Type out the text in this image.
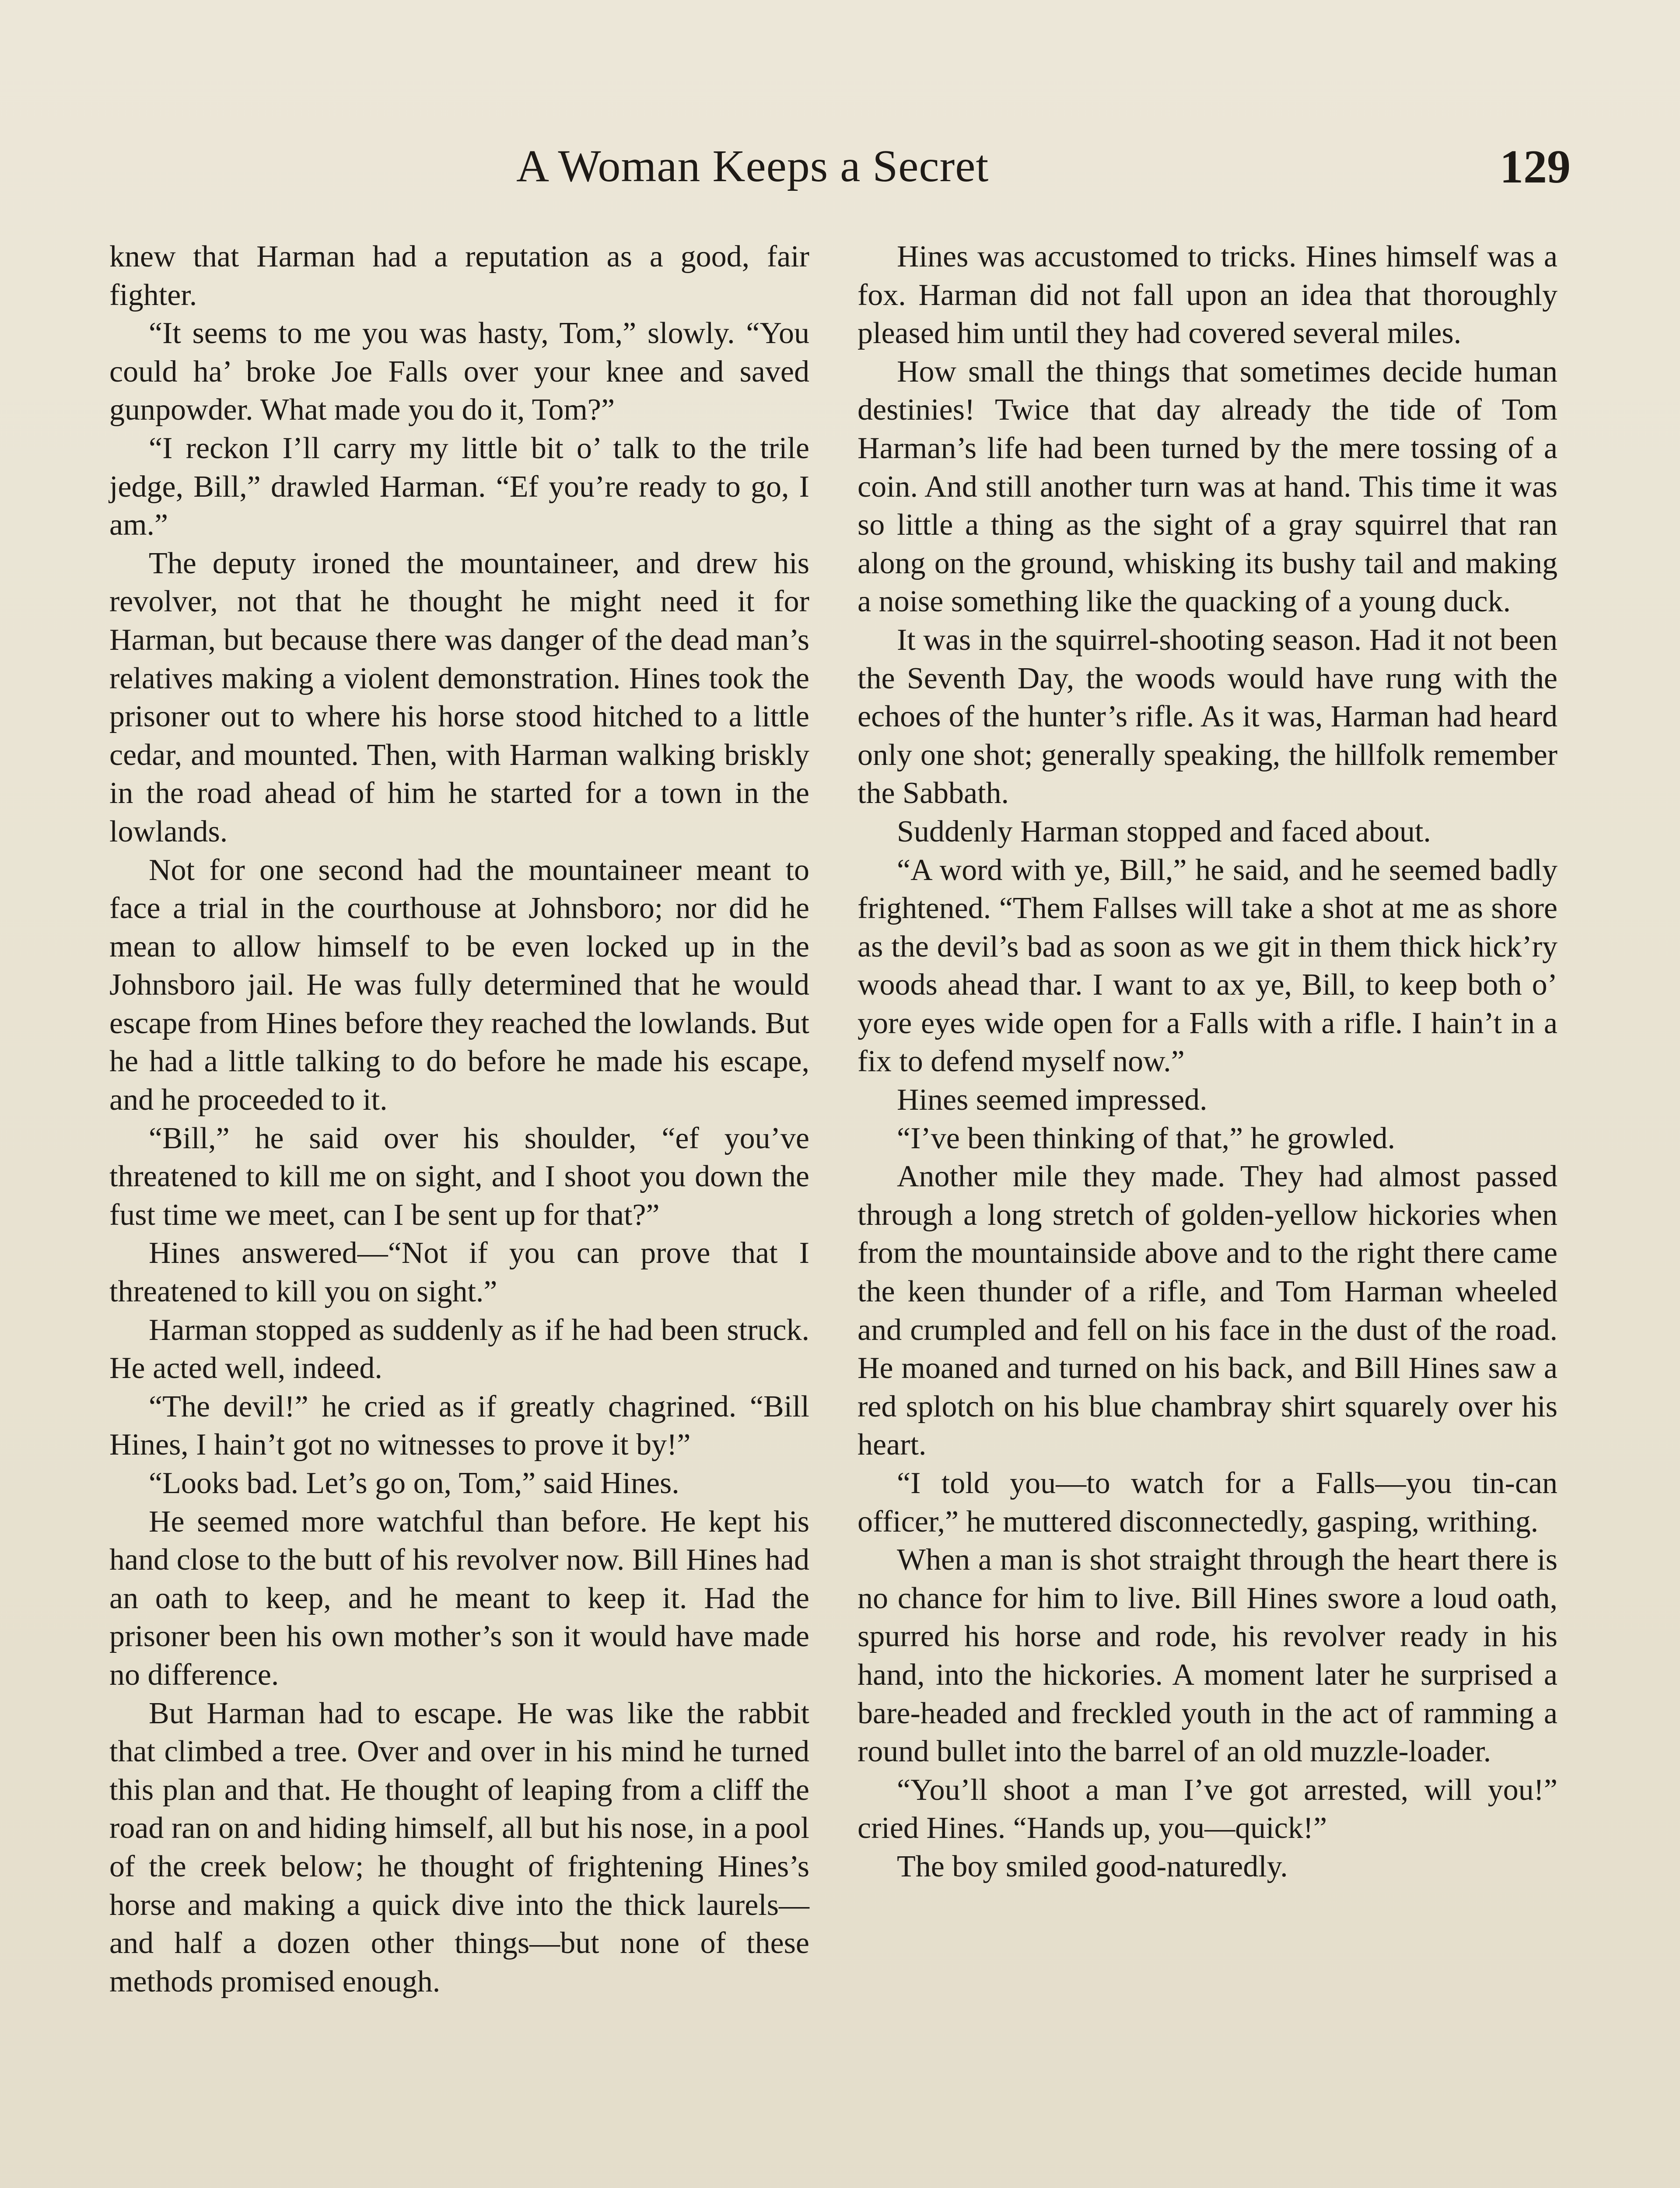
A Woman Keeps a Secret	129

knew that Harman had a reputation as a good, fair fighter.

“It seems to me you was hasty, Tom,” slowly. “You could ha’ broke Joe Falls over your knee and saved gunpowder. What made you do it, Tom?”

“I reckon I’ll carry my little bit o’ talk to the trile jedge, Bill,” drawled Harman. “Ef you’re ready to go, I am.”

The deputy ironed the mountaineer, and drew his revolver, not that he thought he might need it for Harman, but because there was danger of the dead man’s relatives making a violent demonstration. Hines took the prisoner out to where his horse stood hitched to a little cedar, and mounted. Then, with Harman walking briskly in the road ahead of him he started for a town in the lowlands.

Not for one second had the mountaineer meant to face a trial in the courthouse at Johnsboro; nor did he mean to allow himself to be even locked up in the Johnsboro jail. He was fully determined that he would escape from Hines before they reached the lowlands. But he had a little talking to do before he made his escape, and he proceeded to it.

“Bill,” he said over his shoulder, “ef you’ve threatened to kill me on sight, and I shoot you down the fust time we meet, can I be sent up for that?”

Hines answered—“Not if you can prove that I threatened to kill you on sight.”

Harman stopped as suddenly as if he had been struck. He acted well, indeed.

“The devil!” he cried as if greatly chagrined. “Bill Hines, I hain’t got no witnesses to prove it by!”

“Looks bad. Let’s go on, Tom,” said Hines.

He seemed more watchful than before. He kept his hand close to the butt of his revolver now. Bill Hines had an oath to keep, and he meant to keep it. Had the prisoner been his own mother’s son it would have made no difference.

But Harman had to escape. He was like the rabbit that climbed a tree. Over and over in his mind he turned this plan and that. He thought of leaping from a cliff the road ran on and hiding himself, all but his nose, in a pool of the creek below; he thought of frightening Hines’s horse and making a quick dive into the thick laurels—and half a dozen other things—but none of these methods promised enough.

Hines was accustomed to tricks. Hines himself was a fox. Harman did not fall upon an idea that thoroughly pleased him until they had covered several miles.

How small the things that sometimes decide human destinies! Twice that day already the tide of Tom Harman’s life had been turned by the mere tossing of a coin. And still another turn was at hand. This time it was so little a thing as the sight of a gray squirrel that ran along on the ground, whisking its bushy tail and making a noise something like the quacking of a young duck.

It was in the squirrel-shooting season. Had it not been the Seventh Day, the woods would have rung with the echoes of the hunter’s rifle. As it was, Harman had heard only one shot; generally speaking, the hillfolk remember the Sabbath.

Suddenly Harman stopped and faced about.

“A word with ye, Bill,” he said, and he seemed badly frightened. “Them Fallses will take a shot at me as shore as the devil’s bad as soon as we git in them thick hick’ry woods ahead thar. I want to ax ye, Bill, to keep both o’ yore eyes wide open for a Falls with a rifle. I hain’t in a fix to defend myself now.”

Hines seemed impressed.

“I’ve been thinking of that,” he growled.

Another mile they made. They had almost passed through a long stretch of golden-yellow hickories when from the mountainside above and to the right there came the keen thunder of a rifle, and Tom Harman wheeled and crumpled and fell on his face in the dust of the road. He moaned and turned on his back, and Bill Hines saw a red splotch on his blue chambray shirt squarely over his heart.

“I told you—to watch for a Falls—you tin-can officer,” he muttered disconnectedly, gasping, writhing.

When a man is shot straight through the heart there is no chance for him to live. Bill Hines swore a loud oath, spurred his horse and rode, his revolver ready in his hand, into the hickories. A moment later he surprised a bare-headed and freckled youth in the act of ramming a round bullet into the barrel of an old muzzle-loader.

“You’ll shoot a man I’ve got arrested, will you!” cried Hines. “Hands up, you—quick!”

The boy smiled good-naturedly.
